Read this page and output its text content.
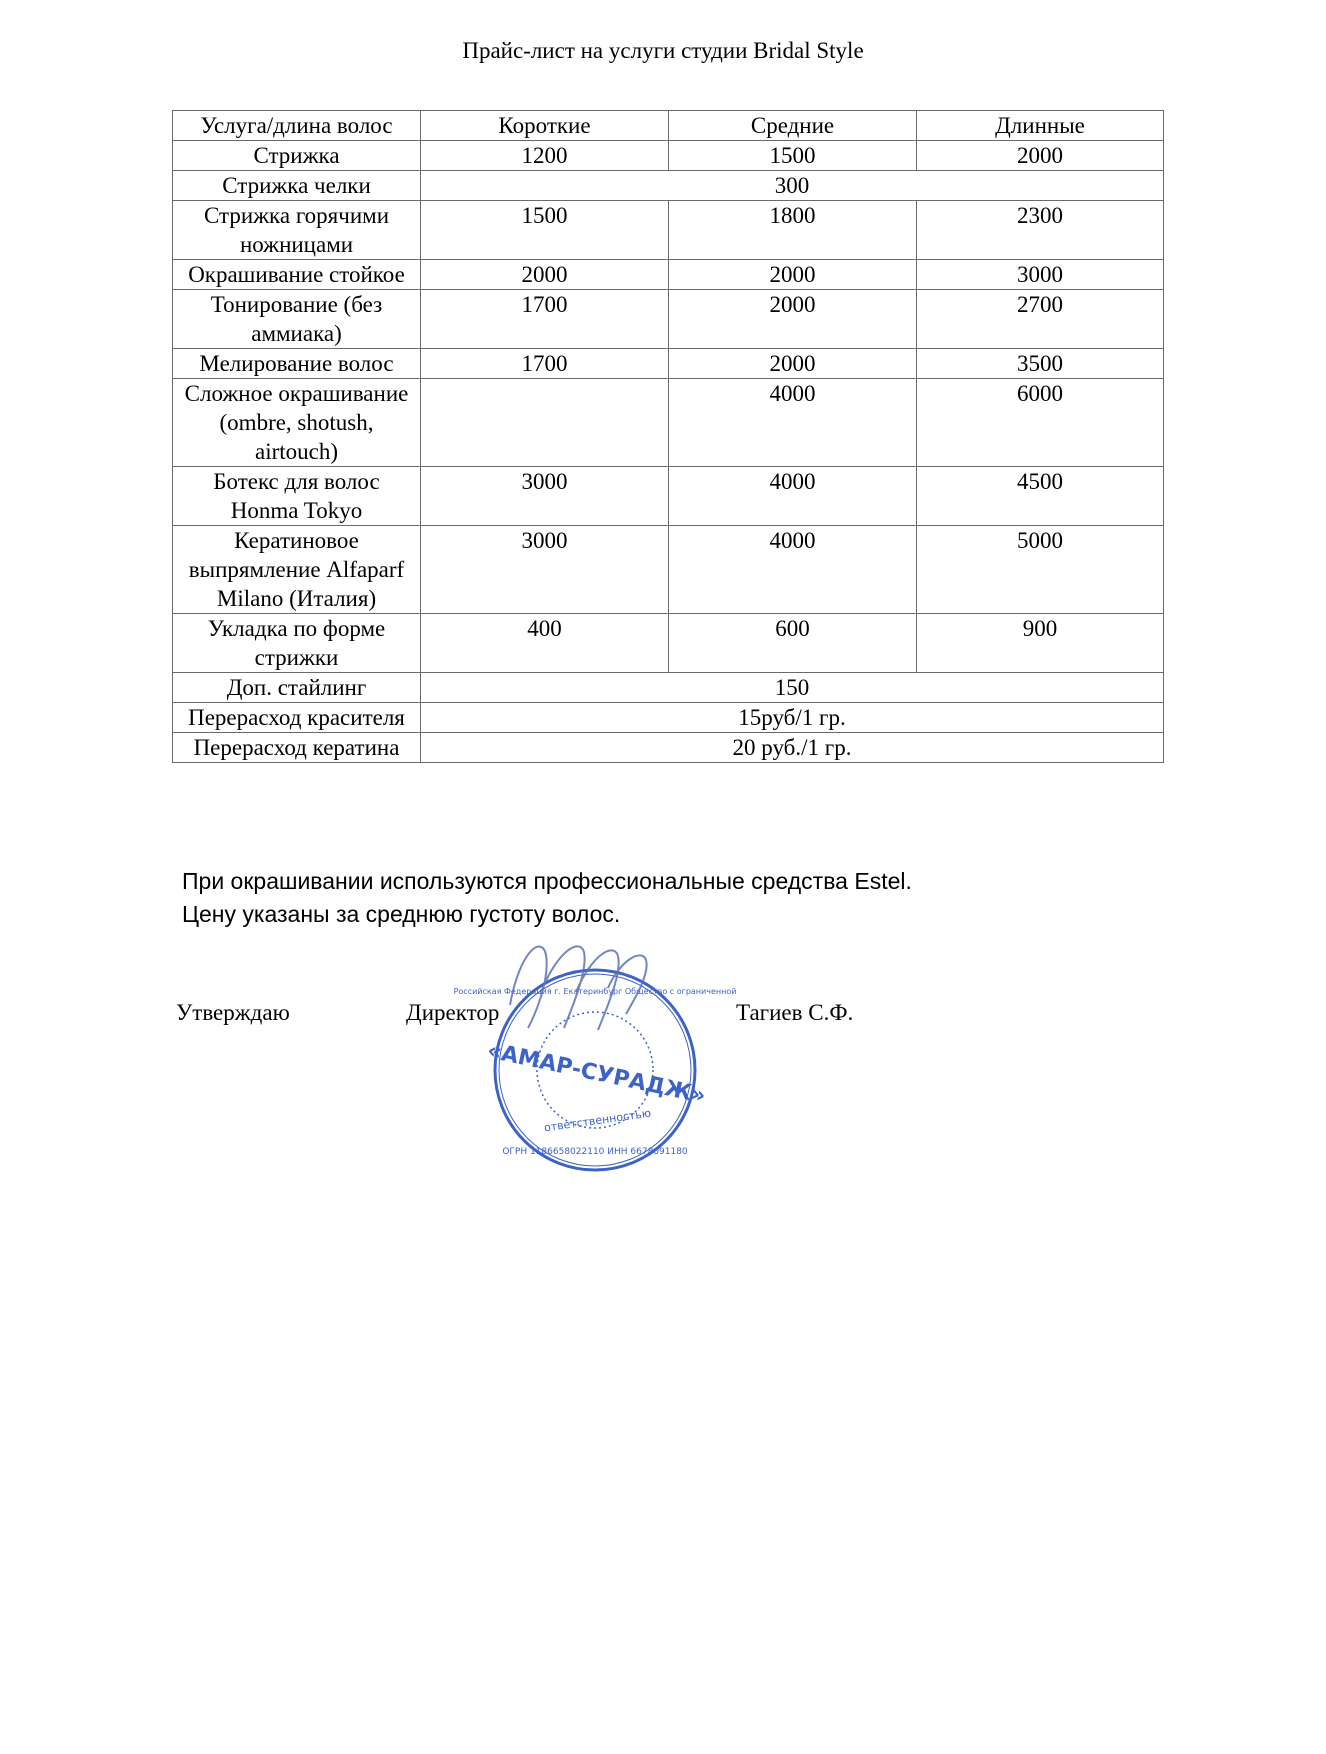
Прайс-лист на услуги студии Bridal Style
Услуга/длина волос	Короткие	Средние	Длинные
Стрижка	1200	1500	2000
Стрижка челки	300		
Стрижка горячими ножницами	1500	1800	2300
Окрашивание стойкое	2000	2000	3000
Тонирование (без аммиака)	1700	2000	2700
Мелирование волос	1700	2000	3500
Сложное окрашивание (ombre, shotush, airtouch)		4000	6000
Ботекс для волос Honma Tokyo	3000	4000	4500
Кератиновое выпрямление Alfaparf Milano (Италия)	3000	4000	5000
Укладка по форме стрижки	400	600	900
Доп. стайлинг	150		
Перерасход красителя	15руб/1 гр.		
Перерасход кератина	20 руб./1 гр.		
При окрашивании используются профессиональные средства Estel.
Цену указаны за среднюю густоту волос.
Утверждаю	Директор	Тагиев С.Ф.
«АМАР-СУРАДЖ»
Российская Федерация г. Екатеринбург Общество с ограниченной
ответственностью
ОГРН 1186658022110 ИНН 6678091180
